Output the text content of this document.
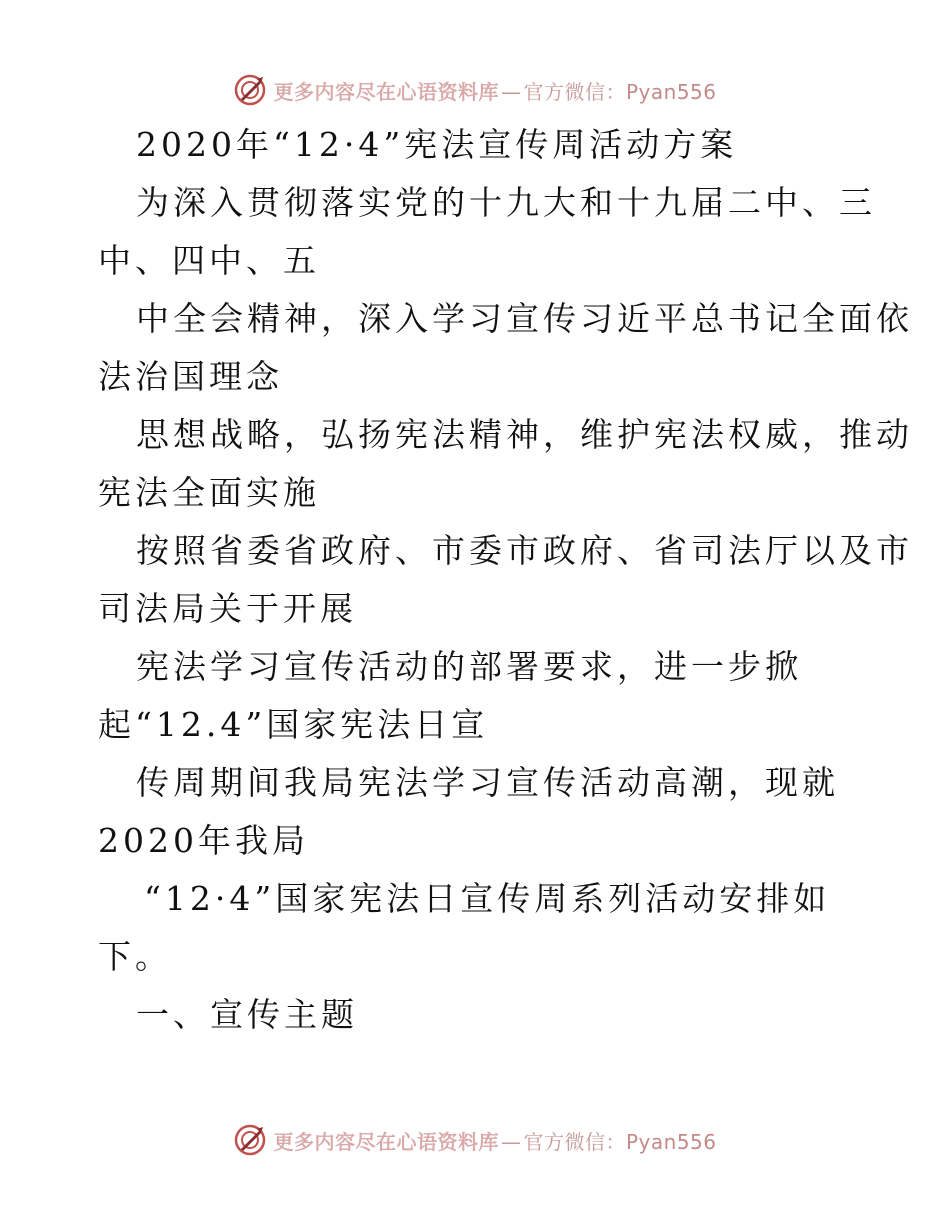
更多内容尽在心语资料库 — 官方微信：Pyan556
2020年“12·4”宪法宣传周活动方案
为深入贯彻落实党的十九大和十九届二中、三
中、四中、五
中全会精神，深入学习宣传习近平总书记全面依
法治国理念
思想战略，弘扬宪法精神，维护宪法权威，推动
宪法全面实施
按照省委省政府、市委市政府、省司法厅以及市
司法局关于开展
宪法学习宣传活动的部署要求，进一步掀
起“12.4”国家宪法日宣
传周期间我局宪法学习宣传活动高潮，现就
2020年我局
“12·4”国家宪法日宣传周系列活动安排如
下。
一、宣传主题
更多内容尽在心语资料库 — 官方微信：Pyan556
